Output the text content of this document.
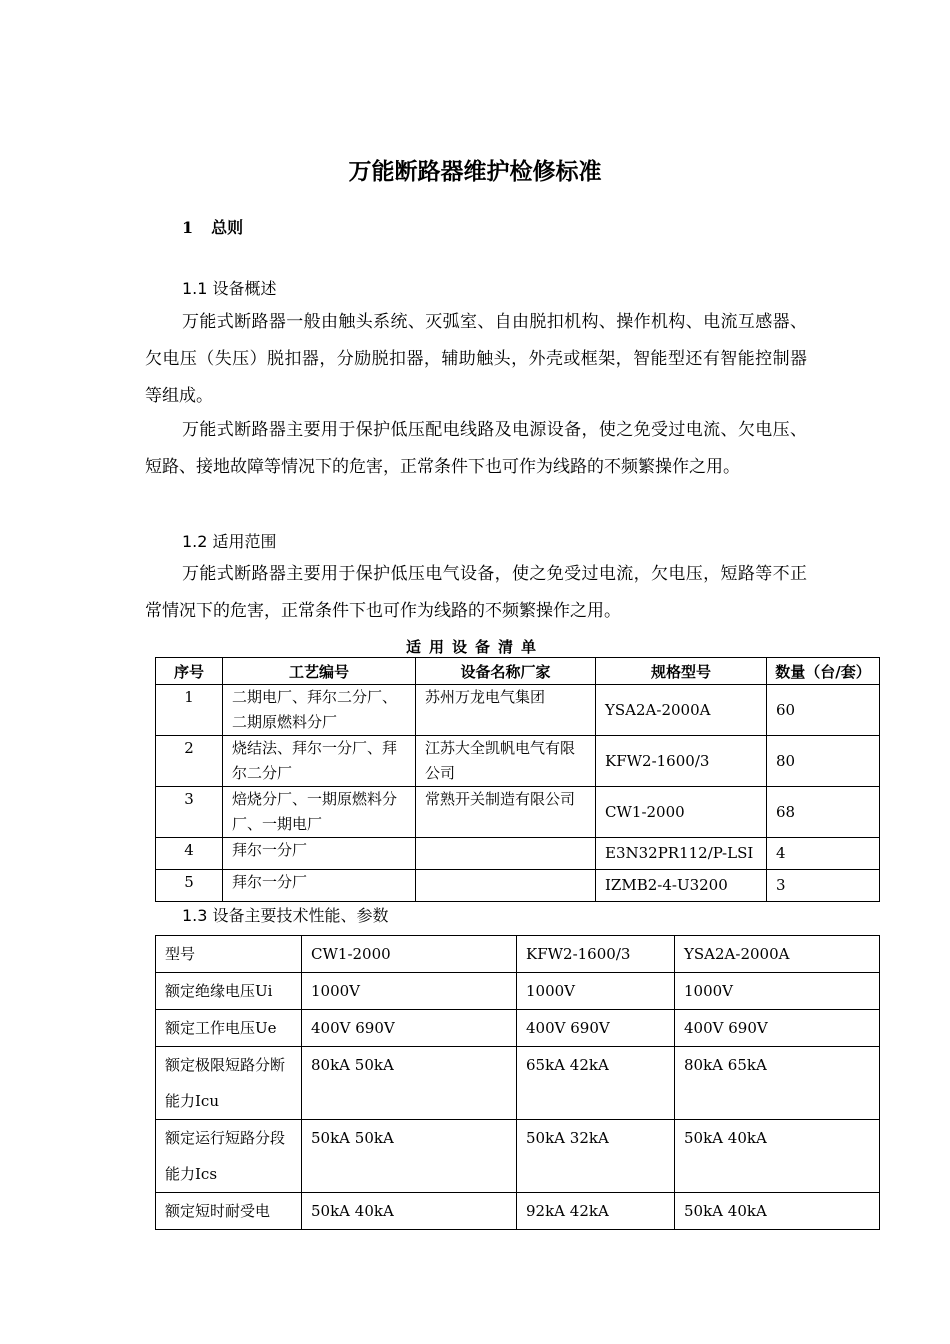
万能断路器维护检修标准
1 总则
1.1 设备概述
万能式断路器一般由触头系统、灭弧室、自由脱扣机构、操作机构、电流互感器、欠电压（失压）脱扣器，分励脱扣器，辅助触头，外壳或框架，智能型还有智能控制器等组成。
万能式断路器主要用于保护低压配电线路及电源设备，使之免受过电流、欠电压、短路、接地故障等情况下的危害，正常条件下也可作为线路的不频繁操作之用。
1.2 适用范围
万能式断路器主要用于保护低压电气设备，使之免受过电流，欠电压，短路等不正常情况下的危害，正常条件下也可作为线路的不频繁操作之用。
适用设备清单
序号	工艺编号	设备名称厂家	规格型号	数量（台/套）
1	二期电厂、拜尔二分厂、二期原燃料分厂	苏州万龙电气集团	YSA2A-2000A	60
2	烧结法、拜尔一分厂、拜尔二分厂	江苏大全凯帆电气有限公司	KFW2-1600/3	80
3	焙烧分厂、一期原燃料分厂、一期电厂	常熟开关制造有限公司	CW1-2000	68
4	拜尔一分厂		E3N32PR112/P-LSI	4
5	拜尔一分厂		IZMB2-4-U3200	3
1.3 设备主要技术性能、参数
型号	CW1-2000	KFW2-1600/3	YSA2A-2000A
额定绝缘电压Ui	1000V	1000V	1000V
额定工作电压Ue	400V 690V	400V 690V	400V 690V
额定极限短路分断能力Icu	80kA 50kA	65kA 42kA	80kA 65kA
额定运行短路分段能力Ics	50kA 50kA	50kA 32kA	50kA 40kA
额定短时耐受电	50kA 40kA	92kA 42kA	50kA 40kA
